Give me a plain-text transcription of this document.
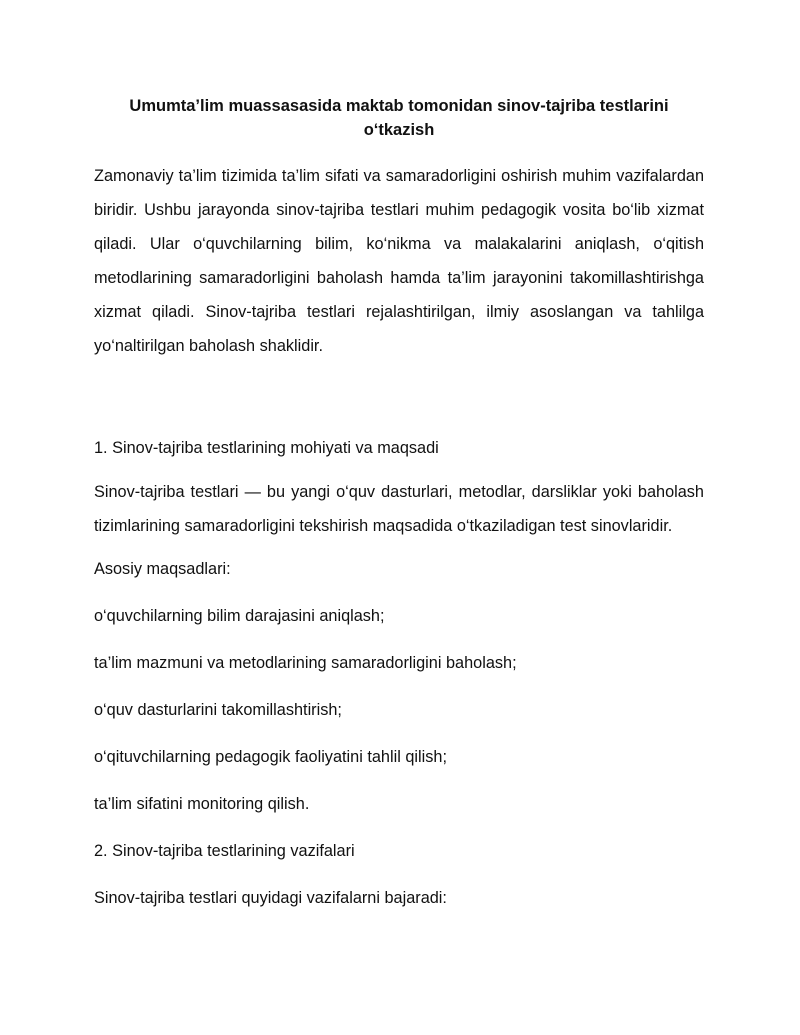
Umumta’lim muassasasida maktab tomonidan sinov-tajriba testlarini o‘tkazish

Zamonaviy ta’lim tizimida ta’lim sifati va samaradorligini oshirish muhim vazifalardan biridir. Ushbu jarayonda sinov-tajriba testlari muhim pedagogik vosita bo‘lib xizmat qiladi. Ular o‘quvchilarning bilim, ko‘nikma va malakalarini aniqlash, o‘qitish metodlarining samaradorligini baholash hamda ta’lim jarayonini takomillashtirishga xizmat qiladi. Sinov-tajriba testlari rejalashtirilgan, ilmiy asoslangan va tahlilga yo‘naltirilgan baholash shaklidir.

1. Sinov-tajriba testlarining mohiyati va maqsadi

Sinov-tajriba testlari — bu yangi o‘quv dasturlari, metodlar, darsliklar yoki baholash tizimlarining samaradorligini tekshirish maqsadida o‘tkaziladigan test sinovlaridir.

Asosiy maqsadlari:

o‘quvchilarning bilim darajasini aniqlash;

ta’lim mazmuni va metodlarining samaradorligini baholash;

o‘quv dasturlarini takomillashtirish;

o‘qituvchilarning pedagogik faoliyatini tahlil qilish;

ta’lim sifatini monitoring qilish.

2. Sinov-tajriba testlarining vazifalari

Sinov-tajriba testlari quyidagi vazifalarni bajaradi:
